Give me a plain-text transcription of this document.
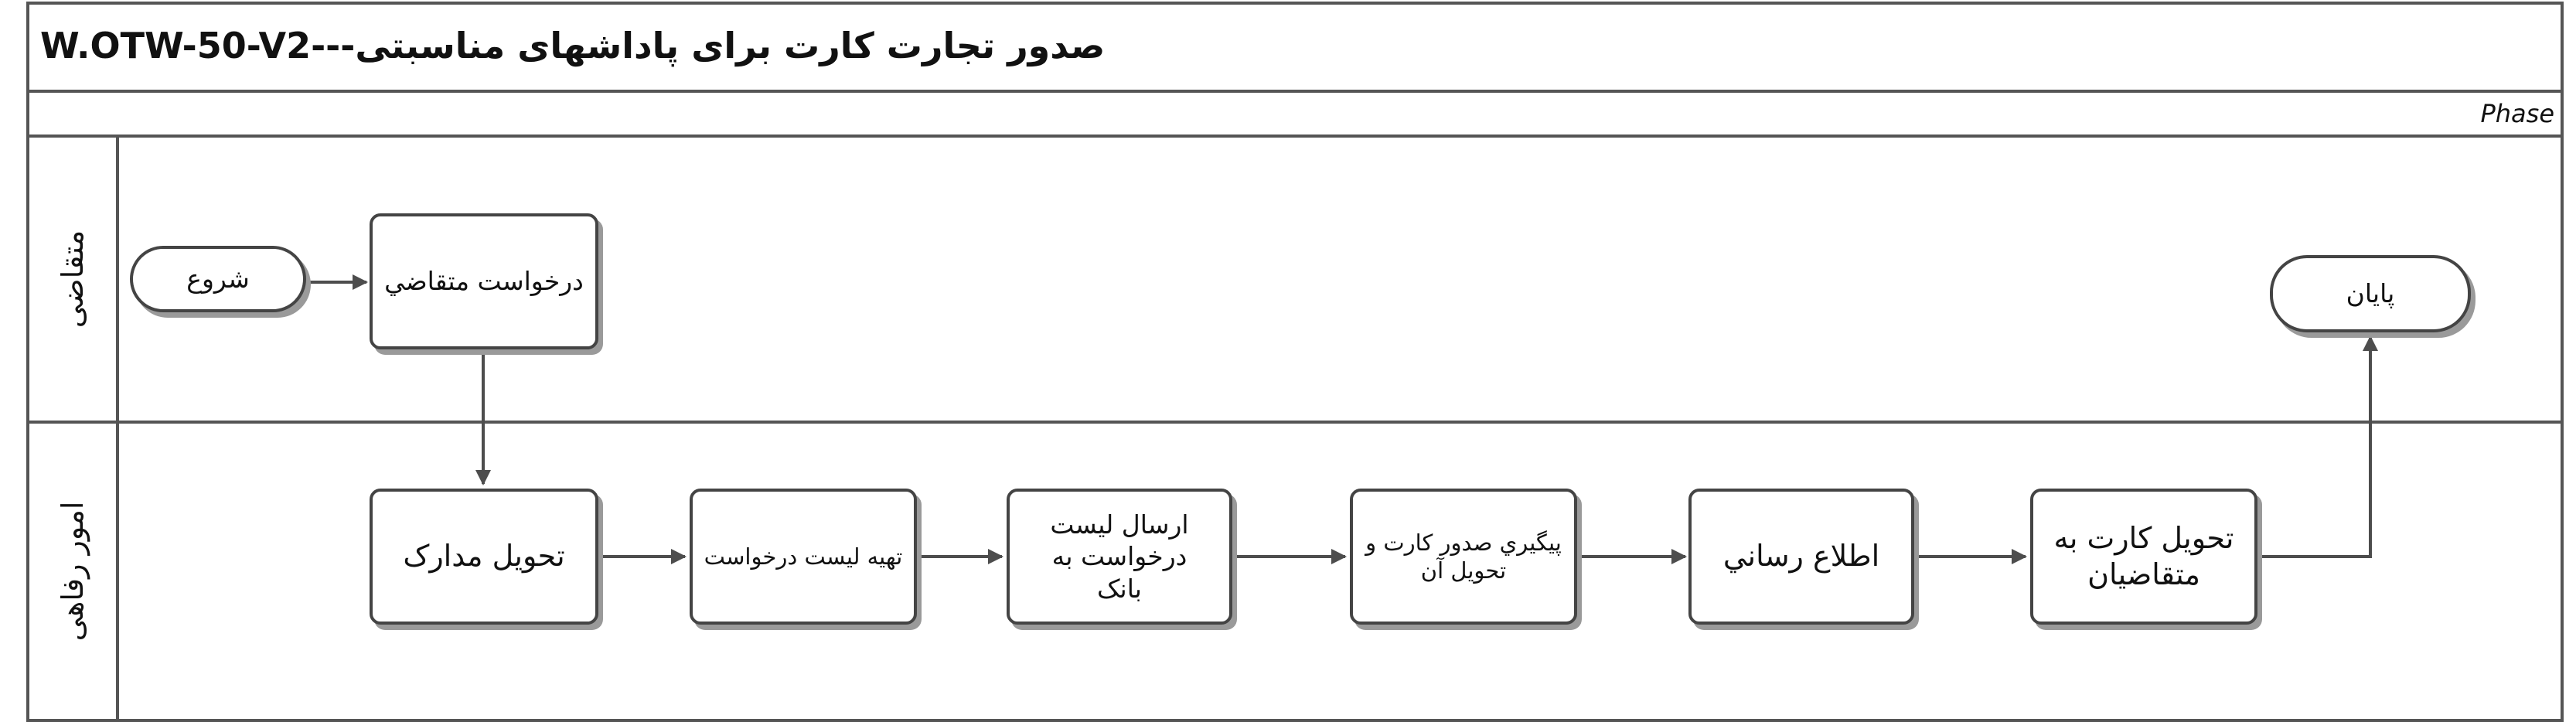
W.OTW-50-V2---صدور تجارت کارت برای پاداشهای مناسبتی
Phase
متقاضی
امور رفاهی
شروع	درخواست متقاضي	پايان
تحویل مدارک	تهيه ليست درخواست
ارسال لیست درخواست به بانک
پیگیري صدور كارت و تحويل آن	اطلاع رساني
تحویل کارت به متقاضیان
